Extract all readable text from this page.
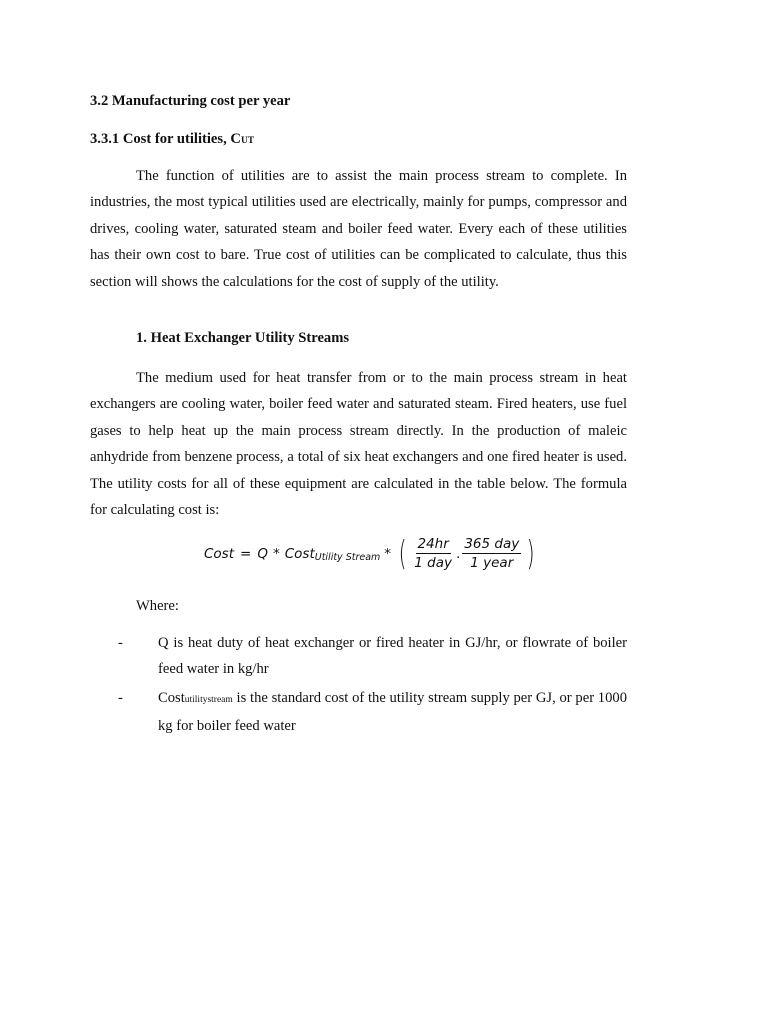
3.2 Manufacturing cost per year
3.3.1 Cost for utilities, CUT
The function of utilities are to assist the main process stream to complete. In industries, the most typical utilities used are electrically, mainly for pumps, compressor and drives, cooling water, saturated steam and boiler feed water. Every each of these utilities has their own cost to bare. True cost of utilities can be complicated to calculate, thus this section will shows the calculations for the cost of supply of the utility.
1. Heat Exchanger Utility Streams
The medium used for heat transfer from or to the main process stream in heat exchangers are cooling water, boiler feed water and saturated steam. Fired heaters, use fuel gases to help heat up the main process stream directly. In the production of maleic anhydride from benzene process, a total of six heat exchangers and one fired heater is used. The utility costs for all of these equipment are calculated in the table below. The formula for calculating cost is:
Cost = Q * Cost Utility Stream * ( $\frac{24hr}{\text{1 day}}$ . $\frac{\text{365 day}}{\text{1 year}}$ )
Where:
- Q is heat duty of heat exchanger or fired heater in GJ/hr, or flowrate of boiler feed water in kg/hr
- Costutilitystream is the standard cost of the utility stream supply per GJ, or per 1000 kg for boiler feed water
